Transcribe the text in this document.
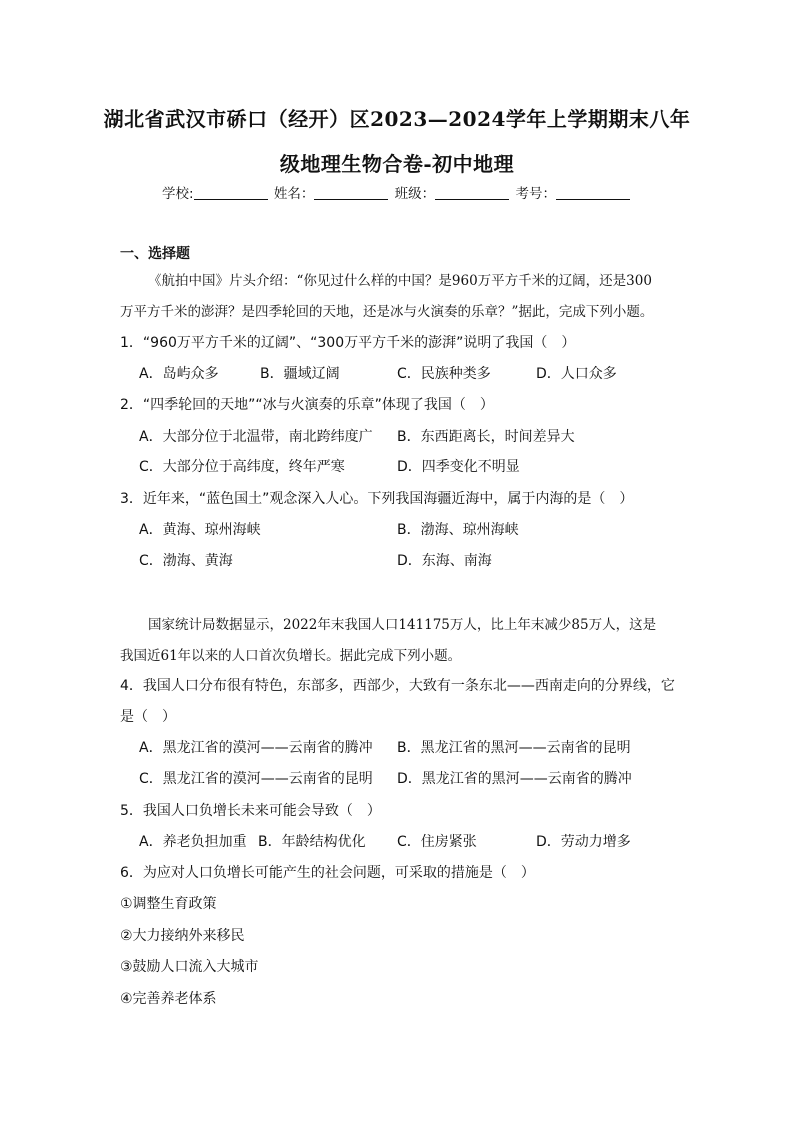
湖北省武汉市硚口（经开）区2023—2024学年上学期期末八年
级地理生物合卷-初中地理
学校:	姓名：	班级：	考号：
一、选择题
《航拍中国》片头介绍：“你见过什么样的中国？是960万平方千米的辽阔，还是300
万平方千米的澎湃？是四季轮回的天地，还是冰与火演奏的乐章？”据此，完成下列小题。
1．“960万平方千米的辽阔”、“300万平方千米的澎湃”说明了我国（　）
A．岛屿众多	B．疆域辽阔	C．民族种类多	D．人口众多
2．“四季轮回的天地”“冰与火演奏的乐章”体现了我国（　）
A．大部分位于北温带，南北跨纬度广 B．东西距离长，时间差异大
C．大部分位于高纬度，终年严寒	D．四季变化不明显
3．近年来，“蓝色国土”观念深入人心。下列我国海疆近海中，属于内海的是（　）
A．黄海、琼州海峡	B．渤海、琼州海峡
C．渤海、黄海	D．东海、南海
国家统计局数据显示，2022年末我国人口141175万人，比上年末减少85万人，这是
我国近61年以来的人口首次负增长。据此完成下列小题。
4．我国人口分布很有特色，东部多，西部少，大致有一条东北——西南走向的分界线，它
是（　）
A．黑龙江省的漠河——云南省的腾冲 B．黑龙江省的黑河——云南省的昆明
C．黑龙江省的漠河——云南省的昆明 D．黑龙江省的黑河——云南省的腾冲
5．我国人口负增长未来可能会导致（　）
A．养老负担加重 B．年龄结构优化 C．住房紧张	D．劳动力增多
6．为应对人口负增长可能产生的社会问题，可采取的措施是（　）
①调整生育政策
②大力接纳外来移民
③鼓励人口流入大城市
④完善养老体系
